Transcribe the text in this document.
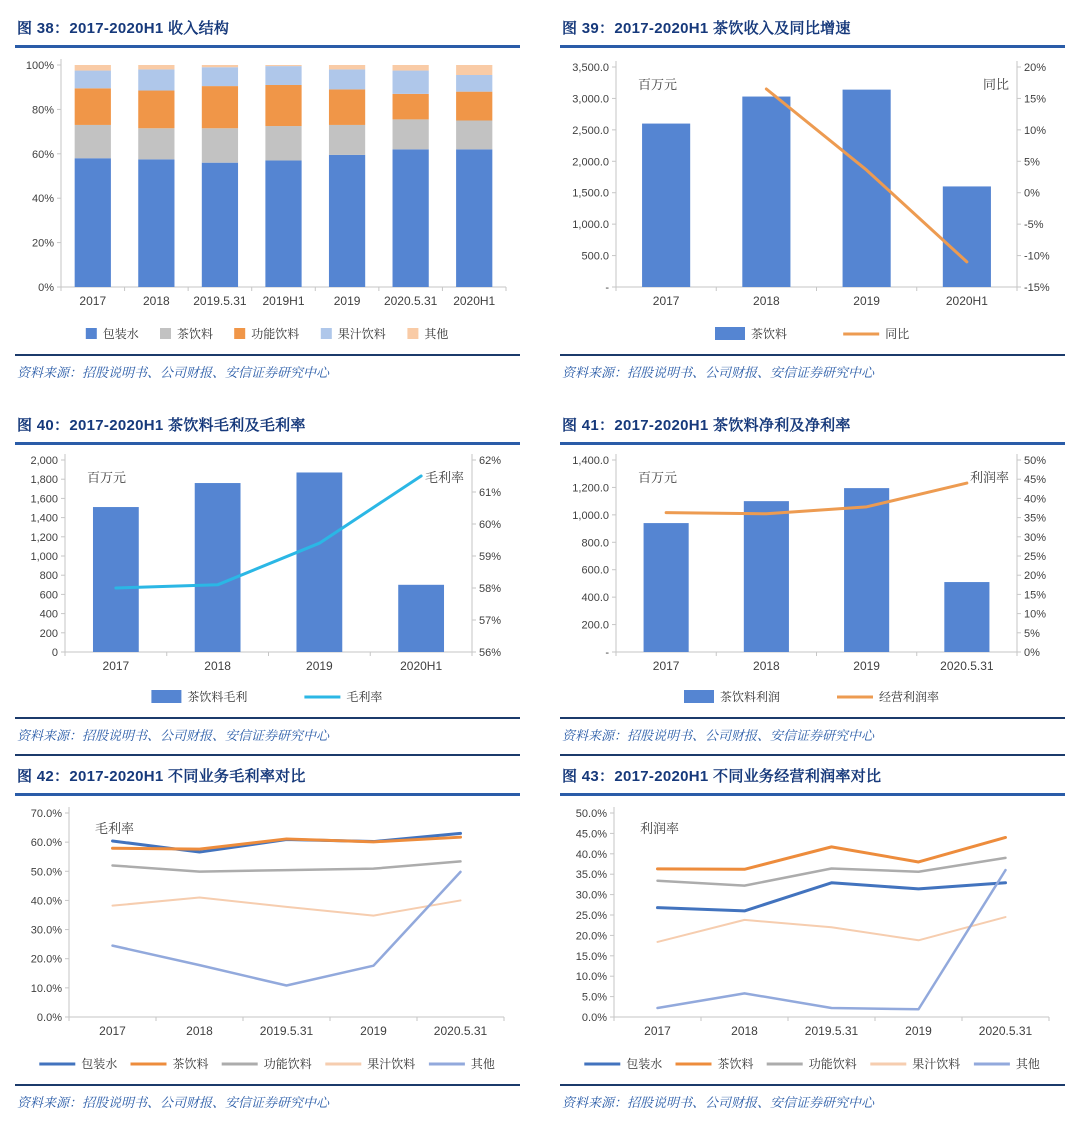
图 38：2017-2020H1 收入结构
100%
80%
60%
40%
20%
0%
2017	2018 2019.5.31 2019H1 2019 2020.5.31 2020H1
包装水	茶饮料	功能饮料	果汁饮料	其他
资料来源：招股说明书、公司财报、安信证券研究中心
图 39：2017-2020H1 茶饮收入及同比增速
3,500.0
3,000.0
2,500.0
2,000.0
1,500.0
1,000.0
500.0
-
20%
15%
10%
5%
0%
-5%
-10%
-15%
2017	2018	2019	2020H1
百万元	同比
茶饮料	同比
资料来源：招股说明书、公司财报、安信证券研究中心
图 40：2017-2020H1 茶饮料毛利及毛利率
2,000
1,800
1,600
1,400
1,200
1,000
800
600
400
200
0
62%
61%
60%
59%
58%
57%
56%
2017	2018	2019	2020H1
百万元	毛利率
茶饮料毛利	毛利率
资料来源：招股说明书、公司财报、安信证券研究中心
图 41：2017-2020H1 茶饮料净利及净利率
1,400.0
1,200.0
1,000.0
800.0
600.0
400.0
200.0
-
50%
45%
40%
35%
30%
25%
20%
15%
10%
5%
0%
2017	2018	2019	2020.5.31
百万元	利润率
茶饮料利润	经营利润率
资料来源：招股说明书、公司财报、安信证券研究中心
图 42：2017-2020H1 不同业务毛利率对比
70.0%
60.0%
50.0%
40.0%
30.0%
20.0%
10.0%
0.0%
2017	2018	2019.5.31	2019	2020.5.31
毛利率
包装水	茶饮料	功能饮料	果汁饮料	其他
资料来源：招股说明书、公司财报、安信证券研究中心
图 43：2017-2020H1 不同业务经营利润率对比
50.0%
45.0%
40.0%
35.0%
30.0%
25.0%
20.0%
15.0%
10.0%
5.0%
0.0%
2017	2018	2019.5.31	2019	2020.5.31
利润率
包装水	茶饮料	功能饮料	果汁饮料	其他
资料来源：招股说明书、公司财报、安信证券研究中心
